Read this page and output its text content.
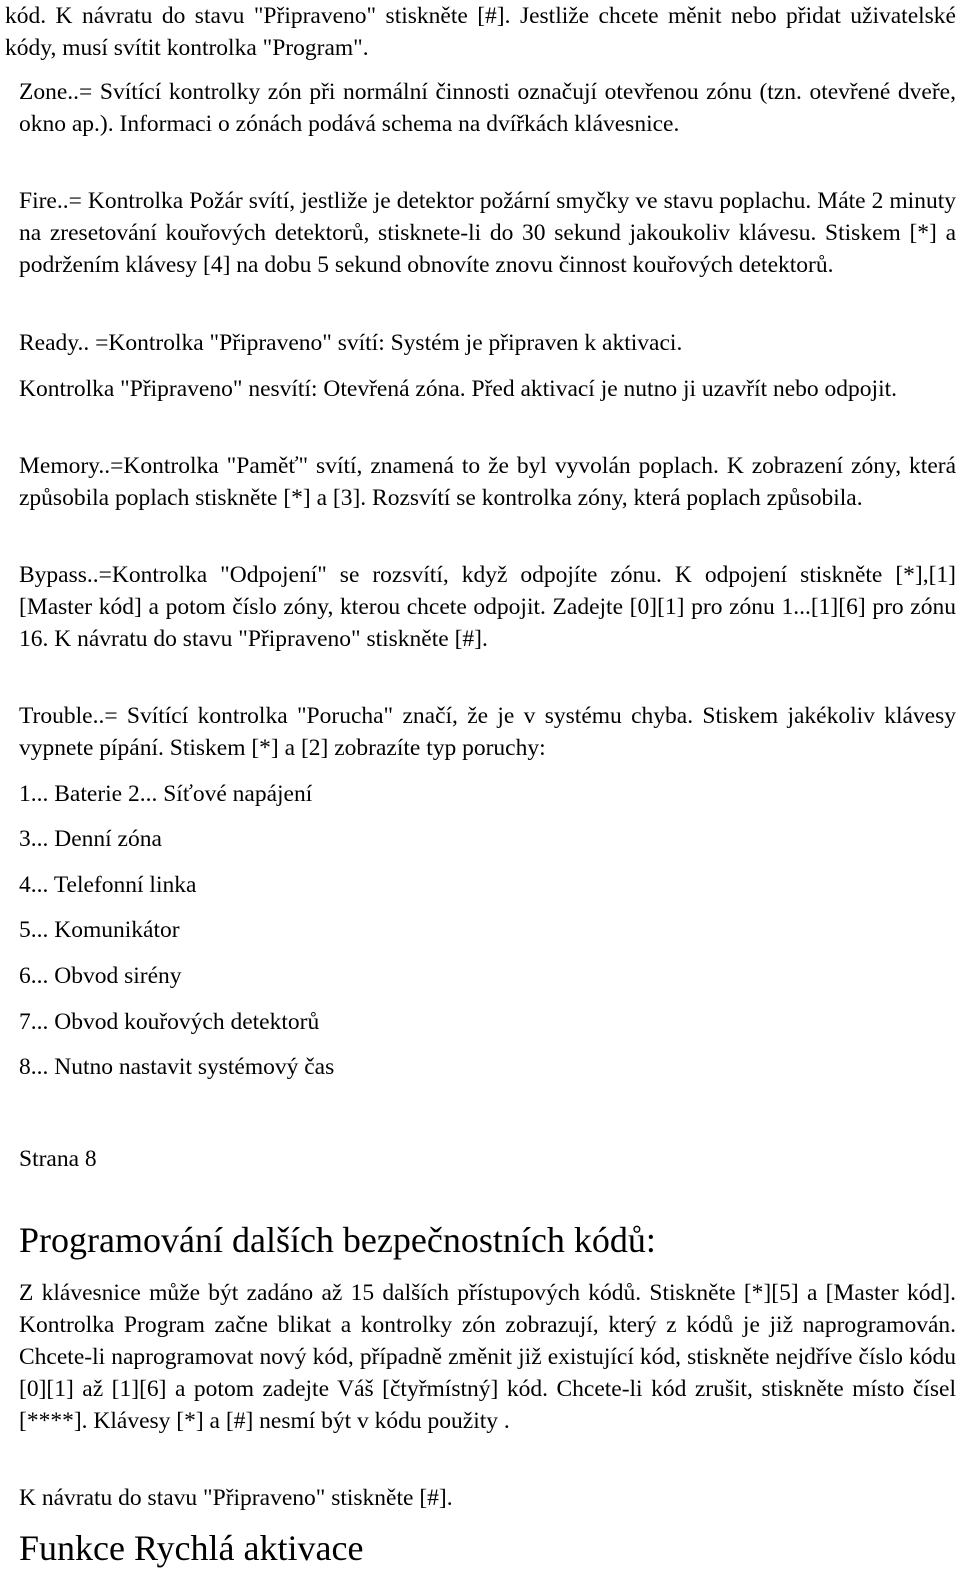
kód. K návratu do stavu "Připraveno" stiskněte [#]. Jestliže chcete měnit nebo přidat uživatelské kódy, musí svítit kontrolka "Program".

Zone..= Svítící kontrolky zón při normální činnosti označují otevřenou zónu (tzn. otevřené dveře, okno ap.). Informaci o zónách podává schema na dvířkách klávesnice.

Fire..= Kontrolka Požár svítí, jestliže je detektor požární smyčky ve stavu poplachu. Máte 2 minuty na zresetování kouřových detektorů, stisknete-li do 30 sekund jakoukoliv klávesu. Stiskem [*] a podržením klávesy [4] na dobu 5 sekund obnovíte znovu činnost kouřových detektorů.

Ready.. =Kontrolka "Připraveno" svítí: Systém je připraven k aktivaci.

Kontrolka "Připraveno" nesvítí: Otevřená zóna. Před aktivací je nutno ji uzavřít nebo odpojit.

Memory..=Kontrolka "Paměť" svítí, znamená to že byl vyvolán poplach. K zobrazení zóny, která způsobila poplach stiskněte [*] a [3]. Rozsvítí se kontrolka zóny, která poplach způsobila.

Bypass..=Kontrolka "Odpojení" se rozsvítí, když odpojíte zónu. K odpojení stiskněte [*],[1][Master kód] a potom číslo zóny, kterou chcete odpojit. Zadejte [0][1] pro zónu 1...[1][6] pro zónu 16. K návratu do stavu "Připraveno" stiskněte [#].

Trouble..= Svítící kontrolka "Porucha" značí, že je v systému chyba. Stiskem jakékoliv klávesy vypnete pípání. Stiskem [*] a [2] zobrazíte typ poruchy:

1... Baterie 2... Síťové napájení

3... Denní zóna

4... Telefonní linka

5... Komunikátor

6... Obvod sirény

7... Obvod kouřových detektorů

8... Nutno nastavit systémový čas

Strana 8

Programování dalších bezpečnostních kódů:

Z klávesnice může být zadáno až 15 dalších přístupových kódů. Stiskněte [*][5] a [Master kód]. Kontrolka Program začne blikat a kontrolky zón zobrazují, který z kódů je již naprogramován. Chcete-li naprogramovat nový kód, případně změnit již existující kód, stiskněte nejdříve číslo kódu [0][1] až [1][6] a potom zadejte Váš [čtyřmístný] kód. Chcete-li kód zrušit, stiskněte místo čísel [****]. Klávesy [*] a [#] nesmí být v kódu použity .

K návratu do stavu "Připraveno" stiskněte [#].

Funkce Rychlá aktivace
